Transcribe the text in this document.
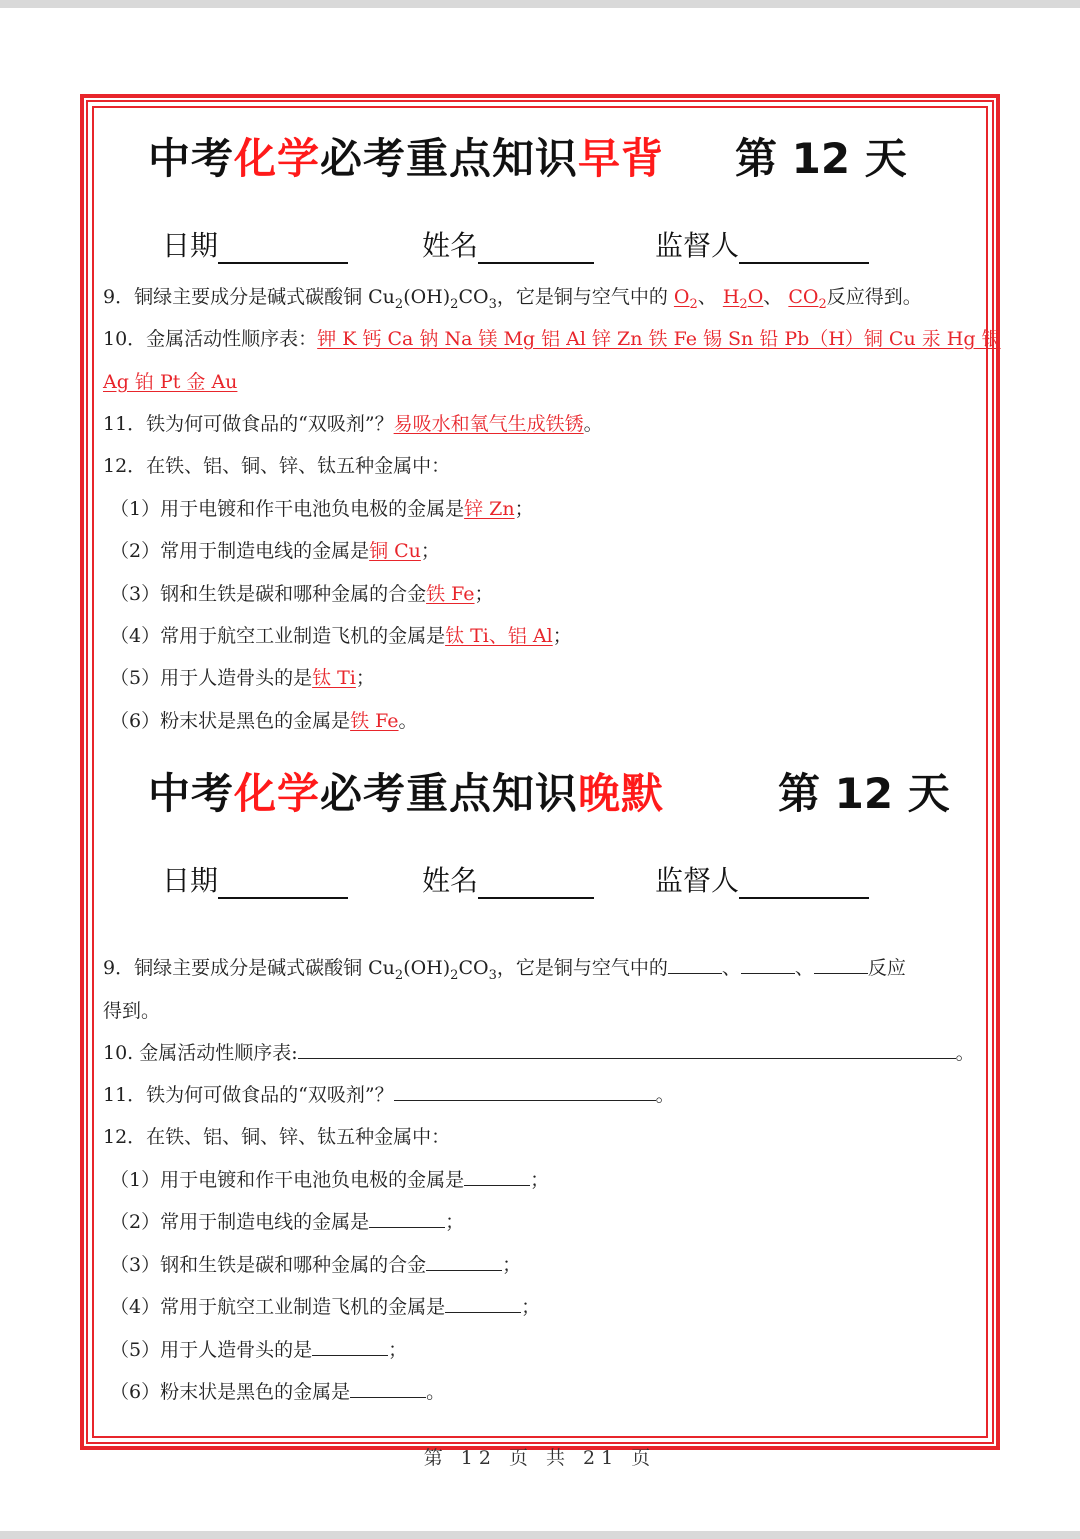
中考化学必考重点知识早背 第 12 天
日期	姓名	监督人
9．铜绿主要成分是碱式碳酸铜 $Cu_2(OH)_2CO_3$，它是铜与空气中的 $O_2$、 $H_2O$、 $CO_2$反应得到。
10．金属活动性顺序表：钾 K 钙 Ca 钠 Na 镁 Mg 铝 Al 锌 Zn 铁 Fe 锡 Sn 铅 Pb（H）铜 Cu 汞 Hg 银
Ag 铂 Pt 金 Au
11．铁为何可做食品的“双吸剂”？易吸水和氧气生成铁锈。
12．在铁、铝、铜、锌、钛五种金属中：
（1）用于电镀和作干电池负电极的金属是锌 Zn；
（2）常用于制造电线的金属是铜 Cu；
（3）钢和生铁是碳和哪种金属的合金铁 Fe；
（4）常用于航空工业制造飞机的金属是钛 Ti、铝 Al；
（5）用于人造骨头的是钛 Ti；
（6）粉末状是黑色的金属是铁 Fe。
中考化学必考重点知识晚默	第 12 天
日期	姓名	监督人
9．铜绿主要成分是碱式碳酸铜 $Cu_2(OH)_2CO_3$，它是铜与空气中的	、	、	反应
得到。
10. 金属活动性顺序表:	。
11．铁为何可做食品的“双吸剂”？	。
12．在铁、铝、铜、锌、钛五种金属中：
（1）用于电镀和作干电池负电极的金属是	；
（2）常用于制造电线的金属是	；
（3）钢和生铁是碳和哪种金属的合金	；
（4）常用于航空工业制造飞机的金属是	；
（5）用于人造骨头的是	；
（6）粉末状是黑色的金属是	。
第 12 页 共 21 页
